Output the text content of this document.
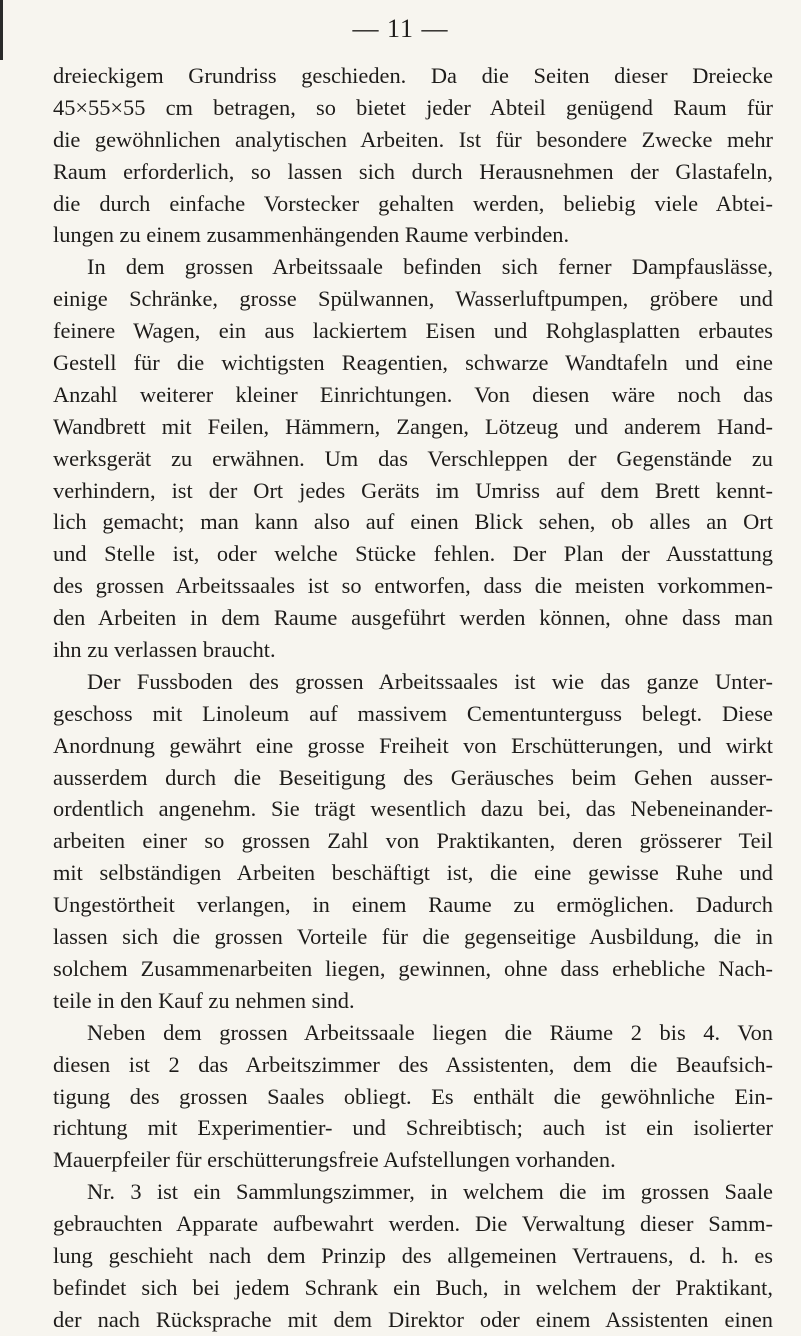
— 11 —
dreieckigem Grundriss geschieden. Da die Seiten dieser Dreiecke
45×55×55 cm betragen, so bietet jeder Abteil genügend Raum für
die gewöhnlichen analytischen Arbeiten. Ist für besondere Zwecke mehr
Raum erforderlich, so lassen sich durch Herausnehmen der Glastafeln,
die durch einfache Vorstecker gehalten werden, beliebig viele Abtei-
lungen zu einem zusammenhängenden Raume verbinden.
In dem grossen Arbeitssaale befinden sich ferner Dampfauslässe,
einige Schränke, grosse Spülwannen, Wasserluftpumpen, gröbere und
feinere Wagen, ein aus lackiertem Eisen und Rohglasplatten erbautes
Gestell für die wichtigsten Reagentien, schwarze Wandtafeln und eine
Anzahl weiterer kleiner Einrichtungen. Von diesen wäre noch das
Wandbrett mit Feilen, Hämmern, Zangen, Lötzeug und anderem Hand-
werksgerät zu erwähnen. Um das Verschleppen der Gegenstände zu
verhindern, ist der Ort jedes Geräts im Umriss auf dem Brett kennt-
lich gemacht; man kann also auf einen Blick sehen, ob alles an Ort
und Stelle ist, oder welche Stücke fehlen. Der Plan der Ausstattung
des grossen Arbeitssaales ist so entworfen, dass die meisten vorkommen-
den Arbeiten in dem Raume ausgeführt werden können, ohne dass man
ihn zu verlassen braucht.
Der Fussboden des grossen Arbeitssaales ist wie das ganze Unter-
geschoss mit Linoleum auf massivem Cementunterguss belegt. Diese
Anordnung gewährt eine grosse Freiheit von Erschütterungen, und wirkt
ausserdem durch die Beseitigung des Geräusches beim Gehen ausser-
ordentlich angenehm. Sie trägt wesentlich dazu bei, das Nebeneinander-
arbeiten einer so grossen Zahl von Praktikanten, deren grösserer Teil
mit selbständigen Arbeiten beschäftigt ist, die eine gewisse Ruhe und
Ungestörtheit verlangen, in einem Raume zu ermöglichen. Dadurch
lassen sich die grossen Vorteile für die gegenseitige Ausbildung, die in
solchem Zusammenarbeiten liegen, gewinnen, ohne dass erhebliche Nach-
teile in den Kauf zu nehmen sind.
Neben dem grossen Arbeitssaale liegen die Räume 2 bis 4. Von
diesen ist 2 das Arbeitszimmer des Assistenten, dem die Beaufsich-
tigung des grossen Saales obliegt. Es enthält die gewöhnliche Ein-
richtung mit Experimentier- und Schreibtisch; auch ist ein isolierter
Mauerpfeiler für erschütterungsfreie Aufstellungen vorhanden.
Nr. 3 ist ein Sammlungszimmer, in welchem die im grossen Saale
gebrauchten Apparate aufbewahrt werden. Die Verwaltung dieser Samm-
lung geschieht nach dem Prinzip des allgemeinen Vertrauens, d. h. es
befindet sich bei jedem Schrank ein Buch, in welchem der Praktikant,
der nach Rücksprache mit dem Direktor oder einem Assistenten einen
